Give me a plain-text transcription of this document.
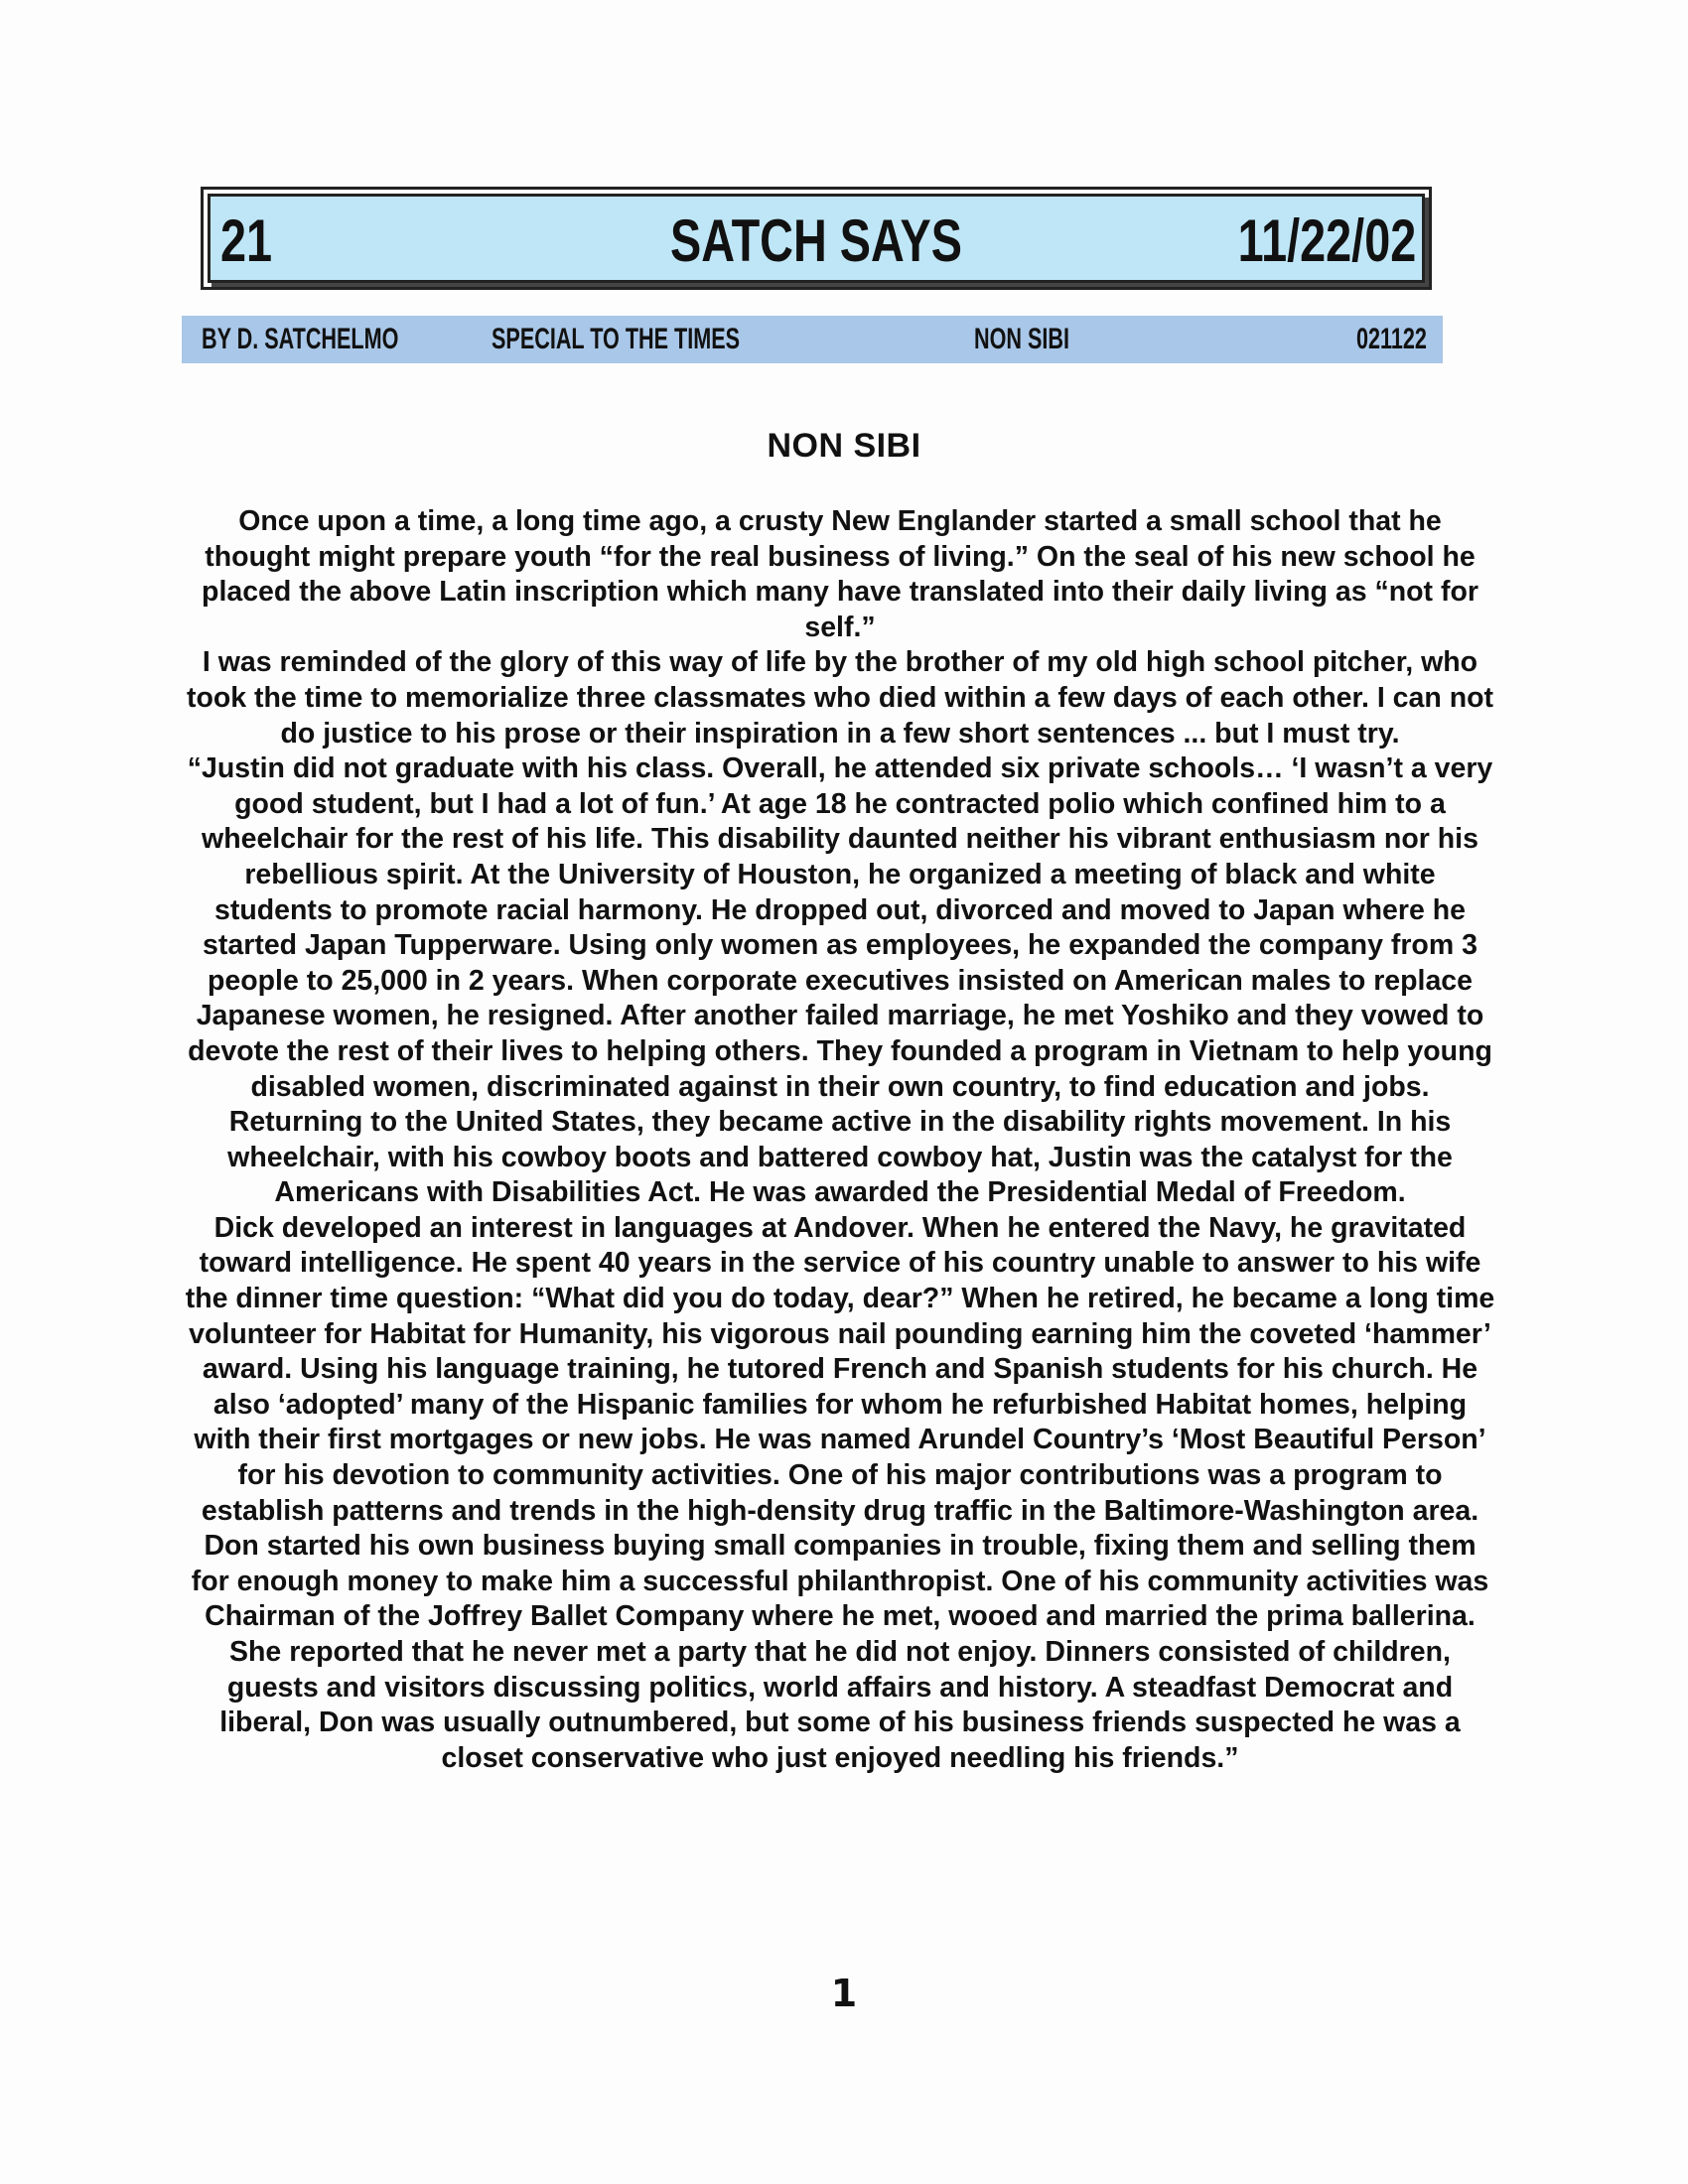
21	SATCH SAYS	11/22/02
BY D. SATCHELMO	SPECIAL TO THE TIMES	NON SIBI	021122
NON SIBI

Once upon a time, a long time ago, a crusty New Englander started a small school that he thought might prepare youth “for the real business of living.” On the seal of his new school he placed the above Latin inscription which many have translated into their daily living as “not for self.”

I was reminded of the glory of this way of life by the brother of my old high school pitcher, who took the time to memorialize three classmates who died within a few days of each other. I can not do justice to his prose or their inspiration in a few short sentences ... but I must try.

“Justin did not graduate with his class. Overall, he attended six private schools… ‘I wasn’t a very good student, but I had a lot of fun.’ At age 18 he contracted polio which confined him to a wheelchair for the rest of his life. This disability daunted neither his vibrant enthusiasm nor his rebellious spirit. At the University of Houston, he organized a meeting of black and white students to promote racial harmony. He dropped out, divorced and moved to Japan where he started Japan Tupperware. Using only women as employees, he expanded the company from 3 people to 25,000 in 2 years. When corporate executives insisted on American males to replace Japanese women, he resigned. After another failed marriage, he met Yoshiko and they vowed to devote the rest of their lives to helping others. They founded a program in Vietnam to help young disabled women, discriminated against in their own country, to find education and jobs. Returning to the United States, they became active in the disability rights movement. In his wheelchair, with his cowboy boots and battered cowboy hat, Justin was the catalyst for the Americans with Disabilities Act. He was awarded the Presidential Medal of Freedom.

Dick developed an interest in languages at Andover. When he entered the Navy, he gravitated toward intelligence. He spent 40 years in the service of his country unable to answer to his wife the dinner time question: “What did you do today, dear?” When he retired, he became a long time volunteer for Habitat for Humanity, his vigorous nail pounding earning him the coveted ‘hammer’ award. Using his language training, he tutored French and Spanish students for his church. He also ‘adopted’ many of the Hispanic families for whom he refurbished Habitat homes, helping with their first mortgages or new jobs. He was named Arundel Country’s ‘Most Beautiful Person’ for his devotion to community activities. One of his major contributions was a program to establish patterns and trends in the high-density drug traffic in the Baltimore-Washington area.

Don started his own business buying small companies in trouble, fixing them and selling them for enough money to make him a successful philanthropist. One of his community activities was Chairman of the Joffrey Ballet Company where he met, wooed and married the prima ballerina. She reported that he never met a party that he did not enjoy. Dinners consisted of children, guests and visitors discussing politics, world affairs and history. A steadfast Democrat and liberal, Don was usually outnumbered, but some of his business friends suspected he was a closet conservative who just enjoyed needling his friends.”

1
